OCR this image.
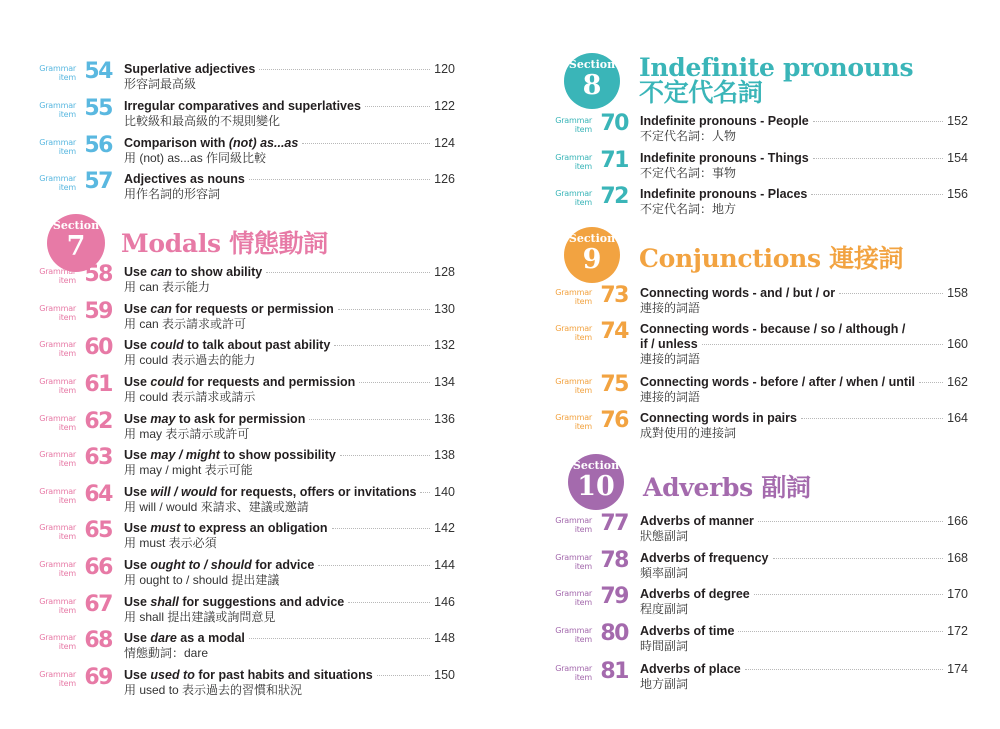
Grammar
item 54 Superlative adjectives	120
形容詞最高級
Grammar
item 55 Irregular comparatives and superlatives	122
比較級和最高級的不規則變化
Grammar
item 56 Comparison with (not) as...as	124
用 (not) as...as 作同級比較
Grammar
item 57 Adjectives as nouns	126
用作名詞的形容詞
Section
7	Modals 情態動詞
Grammar
item 58 Use can to show ability	128
用 can 表示能力
Grammar
item 59 Use can for requests or permission	130
用 can 表示請求或許可
Grammar
item 60 Use could to talk about past ability	132
用 could 表示過去的能力
Grammar
item 61 Use could for requests and permission	134
用 could 表示請求或請示
Grammar
item 62 Use may to ask for permission	136
用 may 表示請示或許可
Grammar
item 63 Use may / might to show possibility	138
用 may / might 表示可能
Grammar
item 64 Use will / would for requests, offers or invitations 140
用 will / would 來請求、建議或邀請
Grammar
item 65 Use must to express an obligation	142
用 must 表示必須
Grammar
item 66 Use ought to / should for advice	144
用 ought to / should 提出建議
Grammar
item 67 Use shall for suggestions and advice	146
用 shall 提出建議或詢問意見
Grammar
item 68 Use dare as a modal	148
情態動詞：dare
Grammar
item 69 Use used to for past habits and situations	150
用 used to 表示過去的習慣和狀況
Section
8
Indefinite pronouns
不定代名詞
Grammar
item 70 Indefinite pronouns - People	152
不定代名詞：人物
Grammar
item 71 Indefinite pronouns - Things	154
不定代名詞：事物
Grammar
item 72 Indefinite pronouns - Places	156
不定代名詞：地方
Section
9	Conjunctions 連接詞
Grammar
item 73 Connecting words - and / but / or	158
連接的詞語
Grammar
item 74 Connecting words - because / so / although /
if / unless	160
連接的詞語
Grammar
item 75 Connecting words - before / after / when / until	162
連接的詞語
Grammar
item 76 Connecting words in pairs	164
成對使用的連接詞
Section
10	Adverbs 副詞
Grammar
item 77 Adverbs of manner	166
狀態副詞
Grammar
item 78 Adverbs of frequency	168
頻率副詞
Grammar
item 79 Adverbs of degree	170
程度副詞
Grammar
item 80 Adverbs of time	172
時間副詞
Grammar
item 81 Adverbs of place	174
地方副詞
